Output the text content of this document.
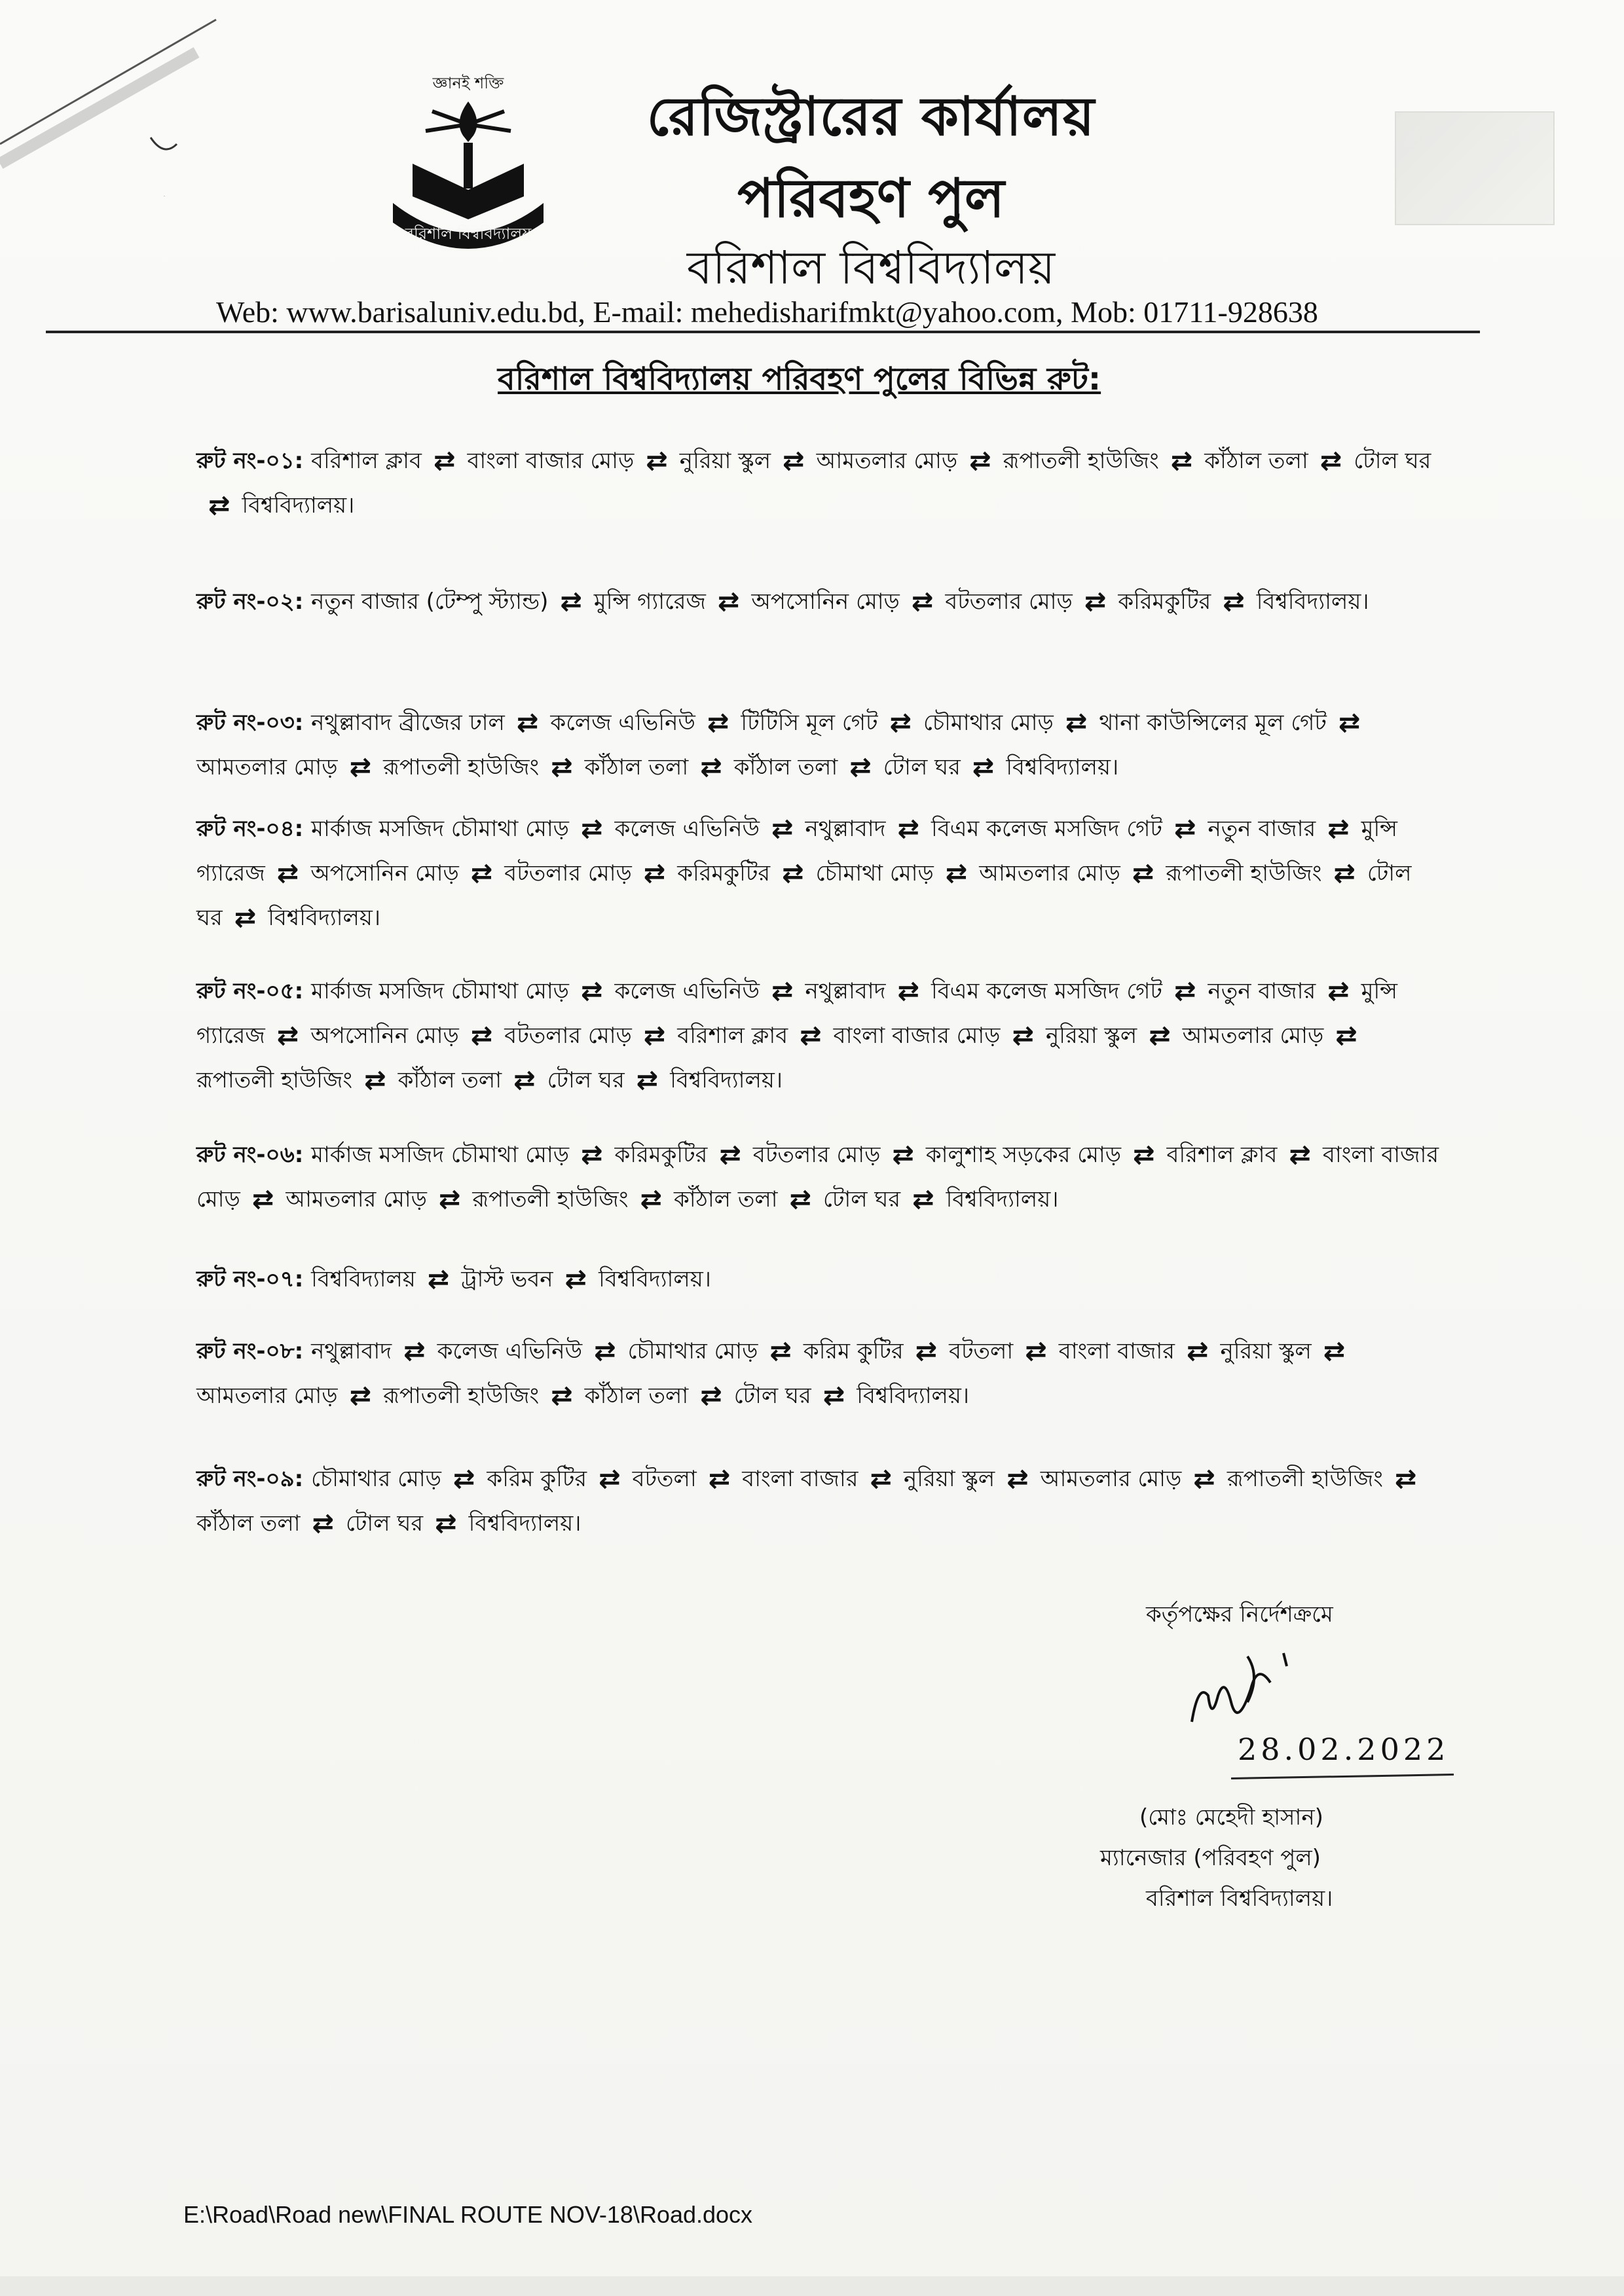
বরিশাল বিশ্ববিদ্যালয়
জ্ঞানই শক্তি
রেজিস্ট্রারের কার্যালয়
পরিবহণ পুল
বরিশাল বিশ্ববিদ্যালয়
Web: www.barisaluniv.edu.bd, E-mail: mehedisharifmkt@yahoo.com, Mob: 01711-928638
বরিশাল বিশ্ববিদ্যালয় পরিবহণ পুলের বিভিন্ন রুট:
রুট নং-০১: বরিশাল ক্লাব ⇄ বাংলা বাজার মোড় ⇄ নুরিয়া স্কুল ⇄ আমতলার মোড় ⇄ রূপাতলী হাউজিং ⇄ কাঁঠাল তলা ⇄ টোল ঘর⇄ বিশ্ববিদ্যালয়।
রুট নং-০২: নতুন বাজার (টেম্পু স্ট্যান্ড) ⇄ মুন্সি গ্যারেজ ⇄ অপসোনিন মোড় ⇄ বটতলার মোড় ⇄ করিমকুটির ⇄ বিশ্ববিদ্যালয়।
রুট নং-০৩: নথুল্লাবাদ ব্রীজের ঢাল ⇄ কলেজ এভিনিউ ⇄ টিটিসি মূল গেট ⇄ চৌমাথার মোড় ⇄ থানা কাউন্সিলের মূল গেট ⇄আমতলার মোড় ⇄ রূপাতলী হাউজিং ⇄ কাঁঠাল তলা ⇄ কাঁঠাল তলা ⇄ টোল ঘর ⇄ বিশ্ববিদ্যালয়।
রুট নং-০৪: মার্কাজ মসজিদ চৌমাথা মোড় ⇄ কলেজ এভিনিউ ⇄ নথুল্লাবাদ ⇄ বিএম কলেজ মসজিদ গেট ⇄ নতুন বাজার ⇄ মুন্সি গ্যারেজ ⇄ অপসোনিন মোড় ⇄ বটতলার মোড় ⇄ করিমকুটির ⇄ চৌমাথা মোড় ⇄ আমতলার মোড় ⇄ রূপাতলী হাউজিং ⇄ টোল ঘর ⇄ বিশ্ববিদ্যালয়।
রুট নং-০৫: মার্কাজ মসজিদ চৌমাথা মোড় ⇄ কলেজ এভিনিউ ⇄ নথুল্লাবাদ ⇄ বিএম কলেজ মসজিদ গেট ⇄ নতুন বাজার ⇄ মুন্সি গ্যারেজ ⇄ অপসোনিন মোড় ⇄ বটতলার মোড় ⇄ বরিশাল ক্লাব ⇄ বাংলা বাজার মোড় ⇄ নুরিয়া স্কুল ⇄ আমতলার মোড় ⇄রূপাতলী হাউজিং ⇄ কাঁঠাল তলা ⇄ টোল ঘর ⇄ বিশ্ববিদ্যালয়।
রুট নং-০৬: মার্কাজ মসজিদ চৌমাথা মোড় ⇄ করিমকুটির ⇄ বটতলার মোড় ⇄ কালুশাহ সড়কের মোড় ⇄ বরিশাল ক্লাব ⇄ বাংলা বাজার মোড় ⇄ আমতলার মোড় ⇄ রূপাতলী হাউজিং ⇄ কাঁঠাল তলা ⇄ টোল ঘর ⇄ বিশ্ববিদ্যালয়।
রুট নং-০৭: বিশ্ববিদ্যালয় ⇄ ট্রাস্ট ভবন ⇄ বিশ্ববিদ্যালয়।
রুট নং-০৮: নথুল্লাবাদ ⇄ কলেজ এভিনিউ ⇄ চৌমাথার মোড় ⇄ করিম কুটির ⇄ বটতলা ⇄ বাংলা বাজার ⇄ নুরিয়া স্কুল ⇄আমতলার মোড় ⇄ রূপাতলী হাউজিং ⇄ কাঁঠাল তলা ⇄ টোল ঘর ⇄ বিশ্ববিদ্যালয়।
রুট নং-০৯: চৌমাথার মোড় ⇄ করিম কুটির ⇄ বটতলা ⇄ বাংলা বাজার ⇄ নুরিয়া স্কুল ⇄ আমতলার মোড় ⇄ রূপাতলী হাউজিং ⇄কাঁঠাল তলা ⇄ টোল ঘর ⇄ বিশ্ববিদ্যালয়।
কর্তৃপক্ষের নির্দেশক্রমে
28.02.2022
(মোঃ মেহেদী হাসান)
ম্যানেজার (পরিবহণ পুল)
বরিশাল বিশ্ববিদ্যালয়।
E:\Road\Road new\FINAL ROUTE NOV-18\Road.docx
